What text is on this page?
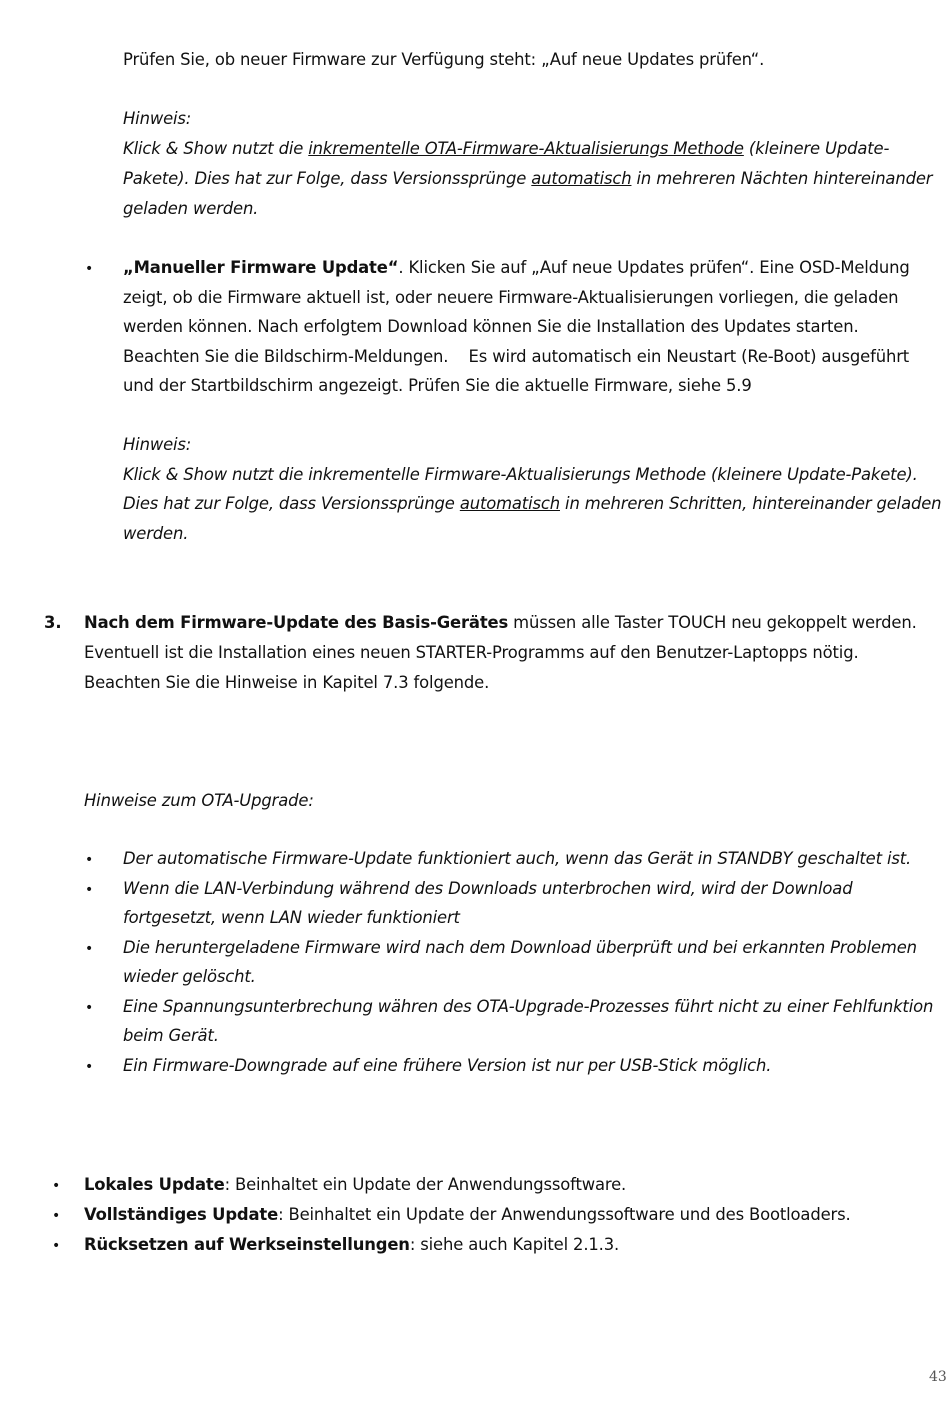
Prüfen Sie, ob neuer Firmware zur Verfügung steht: „Auf neue Updates prüfen“.
Hinweis:
Klick & Show nutzt die inkrementelle OTA-Firmware-Aktualisierungs Methode (kleinere Update-
Pakete). Dies hat zur Folge, dass Versionssprünge automatisch in mehreren Nächten hintereinander
geladen werden.
• „Manueller Firmware Update“. Klicken Sie auf „Auf neue Updates prüfen“. Eine OSD-Meldung
zeigt, ob die Firmware aktuell ist, oder neuere Firmware-Aktualisierungen vorliegen, die geladen
werden können. Nach erfolgtem Download können Sie die Installation des Updates starten.
Beachten Sie die Bildschirm-Meldungen.    Es wird automatisch ein Neustart (Re-Boot) ausgeführt
und der Startbildschirm angezeigt. Prüfen Sie die aktuelle Firmware, siehe 5.9
Hinweis:
Klick & Show nutzt die inkrementelle Firmware-Aktualisierungs Methode (kleinere Update-Pakete).
Dies hat zur Folge, dass Versionssprünge automatisch in mehreren Schritten, hintereinander geladen
werden.
3. Nach dem Firmware-Update des Basis-Gerätes müssen alle Taster TOUCH neu gekoppelt werden.
Eventuell ist die Installation eines neuen STARTER-Programms auf den Benutzer-Laptopps nötig.
Beachten Sie die Hinweise in Kapitel 7.3 folgende.
Hinweise zum OTA-Upgrade:
• Der automatische Firmware-Update funktioniert auch, wenn das Gerät in STANDBY geschaltet ist.
• Wenn die LAN-Verbindung während des Downloads unterbrochen wird, wird der Download
fortgesetzt, wenn LAN wieder funktioniert
• Die heruntergeladene Firmware wird nach dem Download überprüft und bei erkannten Problemen
wieder gelöscht.
• Eine Spannungsunterbrechung währen des OTA-Upgrade-Prozesses führt nicht zu einer Fehlfunktion
beim Gerät.
• Ein Firmware-Downgrade auf eine frühere Version ist nur per USB-Stick möglich.
• Lokales Update: Beinhaltet ein Update der Anwendungssoftware.
• Vollständiges Update: Beinhaltet ein Update der Anwendungssoftware und des Bootloaders.
• Rücksetzen auf Werkseinstellungen: siehe auch Kapitel 2.1.3.
43
